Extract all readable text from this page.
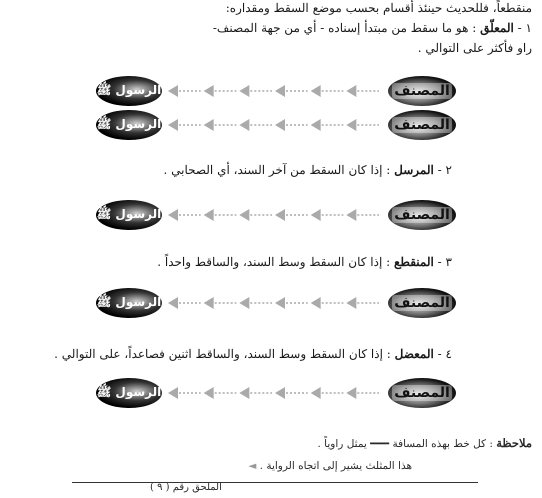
منقطعاً، فللحديث حينئذ أقسام بحسب موضع السقط ومقداره:
١ - المعلّق : هو ما سقط من مبتدأ إسناده - أي من جهة المصنف-
راو فأكثر على التوالي .
الرسول ﷺ	المصنف
الرسول ﷺ	المصنف
٢ - المرسل : إذا كان السقط من آخر السند، أي الصحابي .
الرسول ﷺ	المصنف
٣ - المنقطع : إذا كان السقط وسط السند، والساقط واحداً .
الرسول ﷺ	المصنف
٤ - المعضل : إذا كان السقط وسط السند، والساقط اثنين فصاعداً، على التوالي .
الرسول ﷺ	المصنف
ملاحظة : كل خط بهذه المسافة ━━━ يمثل راوياً .
هذا المثلث يشير إلى اتجاه الرواية . ◄
الملحق رقم ( ٩ )
